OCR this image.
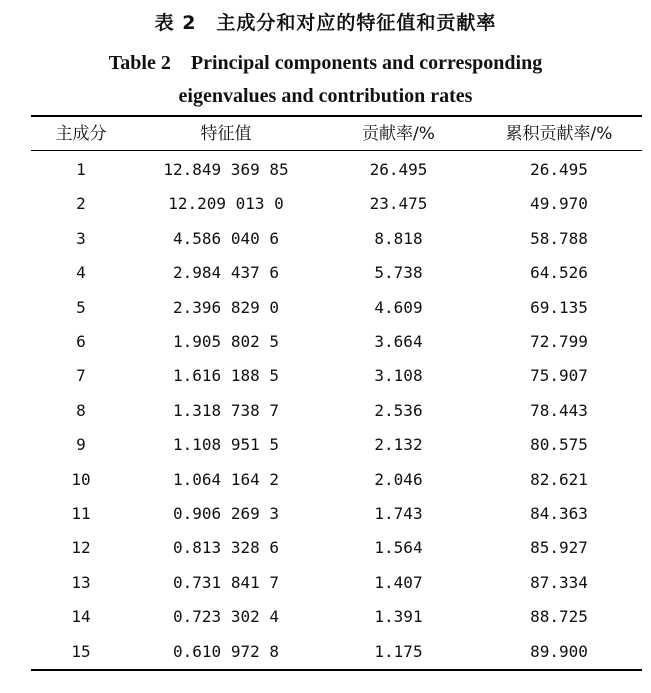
表 2　主成分和对应的特征值和贡献率
Table 2　Principal components and corresponding
eigenvalues and contribution rates
主成分	特征值	贡献率/%	累积贡献率/%
1	12.849 369 85	26.495	26.495
2	12.209 013 0	23.475	49.970
3	4.586 040 6	8.818	58.788
4	2.984 437 6	5.738	64.526
5	2.396 829 0	4.609	69.135
6	1.905 802 5	3.664	72.799
7	1.616 188 5	3.108	75.907
8	1.318 738 7	2.536	78.443
9	1.108 951 5	2.132	80.575
10	1.064 164 2	2.046	82.621
11	0.906 269 3	1.743	84.363
12	0.813 328 6	1.564	85.927
13	0.731 841 7	1.407	87.334
14	0.723 302 4	1.391	88.725
15	0.610 972 8	1.175	89.900
